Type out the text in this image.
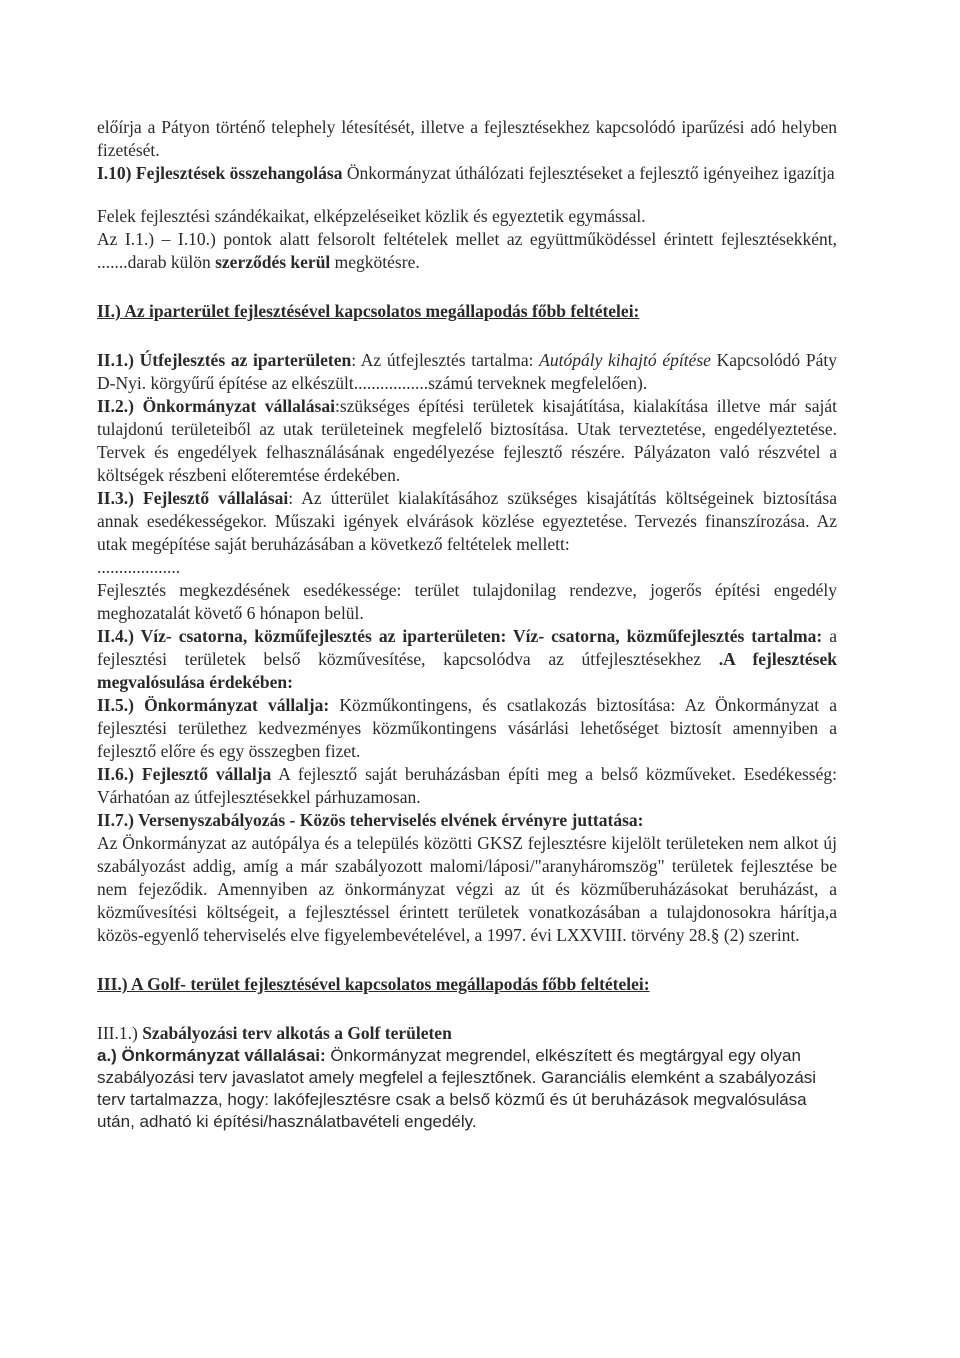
előírja a Pátyon történő telephely létesítését, illetve a fejlesztésekhez kapcsolódó iparűzési adó helyben fizetését.

I.10) Fejlesztések összehangolása Önkormányzat úthálózati fejlesztéseket a fejlesztő igényeihez igazítja

Felek fejlesztési szándékaikat, elképzeléseiket közlik és egyeztetik egymással.

Az I.1.) – I.10.) pontok alatt felsorolt feltételek mellet az együttműködéssel érintett fejlesztésekként, .......darab külön szerződés kerül megkötésre.

II.) Az iparterület fejlesztésével kapcsolatos megállapodás főbb feltételei:

II.1.) Útfejlesztés az iparterületen: Az útfejlesztés tartalma: Autópály kihajtó építése Kapcsolódó Páty D-Nyi. körgyűrű építése az elkészült.................számú terveknek megfelelően).

II.2.) Önkormányzat vállalásai:szükséges építési területek kisajátítása, kialakítása illetve már saját tulajdonú területeiből az utak területeinek megfelelő biztosítása. Utak terveztetése, engedélyeztetése. Tervek és engedélyek felhasználásának engedélyezése fejlesztő részére. Pályázaton való részvétel a költségek részbeni előteremtése érdekében.

II.3.) Fejlesztő vállalásai: Az útterület kialakításához szükséges kisajátítás költségeinek biztosítása annak esedékességekor. Műszaki igények elvárások közlése egyeztetése. Tervezés finanszírozása. Az utak megépítése saját beruházásában a következő feltételek mellett:

...................

Fejlesztés megkezdésének esedékessége: terület tulajdonilag rendezve, jogerős építési engedély meghozatalát követő 6 hónapon belül.

II.4.) Víz- csatorna, közműfejlesztés az iparterületen: Víz- csatorna, közműfejlesztés tartalma: a fejlesztési területek belső közművesítése, kapcsolódva az útfejlesztésekhez .A fejlesztések megvalósulása érdekében:

II.5.) Önkormányzat vállalja: Közműkontingens, és csatlakozás biztosítása: Az Önkormányzat a fejlesztési területhez kedvezményes közműkontingens vásárlási lehetőséget biztosít amennyiben a fejlesztő előre és egy összegben fizet.

II.6.) Fejlesztő vállalja A fejlesztő saját beruházásban építi meg a belső közműveket. Esedékesség: Várhatóan az útfejlesztésekkel párhuzamosan.

II.7.) Versenyszabályozás - Közös teherviselés elvének érvényre juttatása:

Az Önkormányzat az autópálya és a település közötti GKSZ fejlesztésre kijelölt területeken nem alkot új szabályozást addig, amíg a már szabályozott malomi/láposi/"aranyháromszög" területek fejlesztése be nem fejeződik. Amennyiben az önkormányzat végzi az út és közműberuházásokat beruházást, a közművesítési költségeit, a fejlesztéssel érintett területek vonatkozásában a tulajdonosokra hárítja,a közös-egyenlő teherviselés elve figyelembevételével, a 1997. évi LXXVIII. törvény 28.§ (2) szerint.

III.) A Golf- terület fejlesztésével kapcsolatos megállapodás főbb feltételei:

III.1.) Szabályozási terv alkotás a Golf területen

a.) Önkormányzat vállalásai: Önkormányzat megrendel, elkészített és megtárgyal egy olyan szabályozási terv javaslatot amely megfelel a fejlesztőnek. Garanciális elemként a szabályozási terv tartalmazza, hogy: lakófejlesztésre csak a belső közmű és út beruházások megvalósulása után, adható ki építési/használatbavételi engedély.
